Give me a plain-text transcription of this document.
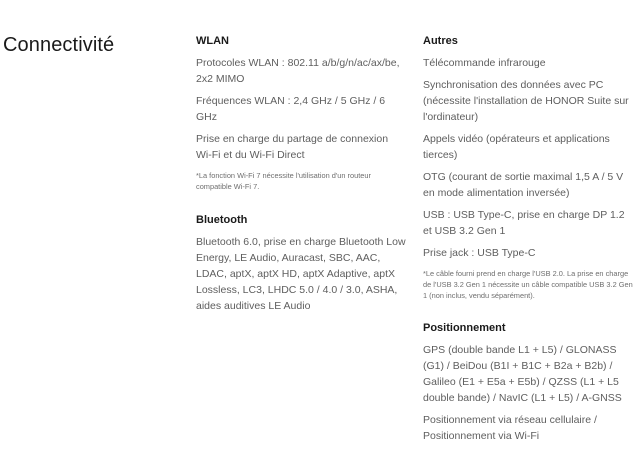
Connectivité	WLAN

Protocoles WLAN : 802.11 a/b/g/n/ac/ax/be, 2x2 MIMO

Fréquences WLAN : 2,4 GHz / 5 GHz / 6 GHz

Prise en charge du partage de connexion Wi-Fi et du Wi-Fi Direct

*La fonction Wi-Fi 7 nécessite l'utilisation d'un routeur compatible Wi-Fi 7.

Bluetooth

Bluetooth 6.0, prise en charge Bluetooth Low Energy, LE Audio, Auracast, SBC, AAC, LDAC, aptX, aptX HD, aptX Adaptive, aptX Lossless, LC3, LHDC 5.0 / 4.0 / 3.0, ASHA, aides auditives LE Audio

Autres

Télécommande infrarouge

Synchronisation des données avec PC (nécessite l'installation de HONOR Suite sur l'ordinateur)

Appels vidéo (opérateurs et applications tierces)

OTG (courant de sortie maximal 1,5 A / 5 V en mode alimentation inversée)

USB : USB Type-C, prise en charge DP 1.2 et USB 3.2 Gen 1

Prise jack : USB Type-C

*Le câble fourni prend en charge l'USB 2.0. La prise en charge de l'USB 3.2 Gen 1 nécessite un câble compatible USB 3.2 Gen 1 (non inclus, vendu séparément).

Positionnement

GPS (double bande L1 + L5) / GLONASS (G1) / BeiDou (B1I + B1C + B2a + B2b) / Galileo (E1 + E5a + E5b) / QZSS (L1 + L5 double bande) / NavIC (L1 + L5) / A-GNSS

Positionnement via réseau cellulaire / Positionnement via Wi-Fi
